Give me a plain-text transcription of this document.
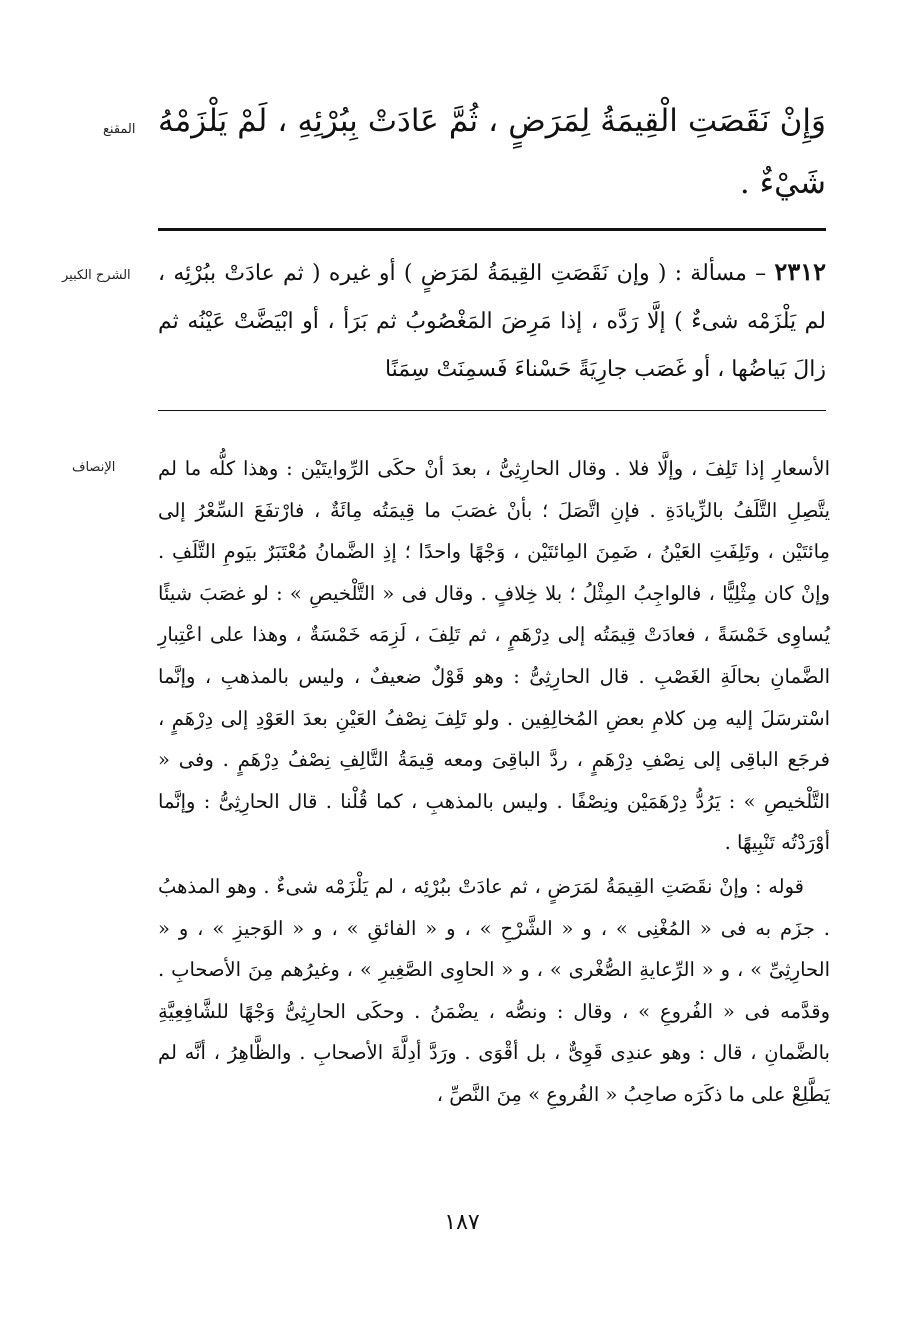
المقنع وَإِنْ نَقَصَتِ الْقِيمَةُ لِمَرَضٍ ، ثُمَّ عَادَتْ بِبُرْئِهِ ، لَمْ يَلْزَمْهُ شَيْءٌ .

الشرح الكبير	٢٣١٢ – مسألة : ( وإن نَقَصَتِ القِيمَةُ لمَرَضٍ ) أو غيره ( ثم عادَتْ ببُرْئِه ، لم يَلْزَمْه شىءٌ ) إلَّا رَدَّه ، إذا مَرِضَ المَغْصُوبُ ثم بَرَأ ، أو ابْيَضَّتْ عَيْنُه ثم زالَ بَياضُها ، أو غَصَب جارِيَةً حَسْناءَ فَسمِنَتْ سِمَنًا

الإنصاف الأسعارِ إذا تَلِفَ ، وإلَّا فلا . وقال الحارِثِىُّ ، بعدَ أنْ حكَى الرِّوايتَيْن : وهذا كلُّه ما لم يتَّصِلِ التَّلَفُ بالزِّيادَةِ . فإنِ اتَّصَلَ ؛ بأنْ غصَبَ ما قِيمَتُه مِائَةٌ ، فارْتفَعَ السِّعْرُ إلى مِائتَيْن ، وتَلِفَتِ العَيْنُ ، ضَمِنَ المِائتَيْن ، وَجْهًا واحدًا ؛ إذِ الضَّمانُ مُعْتَبَرٌ بيَومِ التَّلَفِ . وإنْ كان مِثْلِيًّا ، فالواجِبُ المِثْلُ ؛ بلا خِلافٍ . وقال فى « التَّلْخيصِ » : لو غصَبَ شيئًا يُساوِى خَمْسَةً ، فعادَتْ قِيمَتُه إلى دِرْهَمٍ ، ثم تَلِفَ ، لَزِمَه خَمْسَةٌ ، وهذا على اعْتِبارِ الضَّمانِ بحالَةِ الغَصْبِ . قال الحارِثِىُّ : وهو قَوْلٌ ضعيفٌ ، وليس بالمذهبِ ، وإنَّما اسْترسَلَ إليه مِن كلامِ بعضِ المُخالِفِين . ولو تَلِفَ نِصْفُ العَيْنِ بعدَ العَوْدِ إلى دِرْهَمٍ ، فرجَع الباقِى إلى نِصْفِ دِرْهَمٍ ، ردَّ الباقِىَ ومعه قِيمَةُ التَّالِفِ نِصْفُ دِرْهَمٍ . وفى « التَّلْخيصِ » : يَرُدُّ دِرْهَمَيْن ونِصْفًا . وليس بالمذهبِ ، كما قُلْنا . قال الحارِثِىُّ : وإنَّما أوْرَدْتُه تَنْبِيهًا .

قوله : وإنْ نقَصَتِ القِيمَةُ لمَرَضٍ ، ثم عادَتْ ببُرْئِه ، لم يَلْزَمْه شىءٌ . وهو المذهبُ . جزَم به فى « المُغْنِى » ، و « الشَّرْحِ » ، و « الفائقِ » ، و « الوَجيزِ » ، و « الحارِثِىِّ » ، و « الرِّعايةِ الصُّغْرى » ، و « الحاوِى الصَّغِيرِ » ، وغيرُهم مِنَ الأصحابِ . وقدَّمه فى « الفُروعِ » ، وقال : ونصُّه ، يضْمَنُ . وحكَى الحارِثِىُّ وَجْهًا للشَّافِعِيَّةِ بالضَّمانِ ، قال : وهو عندِى قَوِىٌّ ، بل أقْوَى . ورَدَّ أدِلَّةَ الأصحابِ . والظَّاهِرُ ، أنَّه لم يَطَّلِعْ على ما ذكَرَه صاحِبُ « الفُروعِ » مِنَ النَّصِّ ،

١٨٧
